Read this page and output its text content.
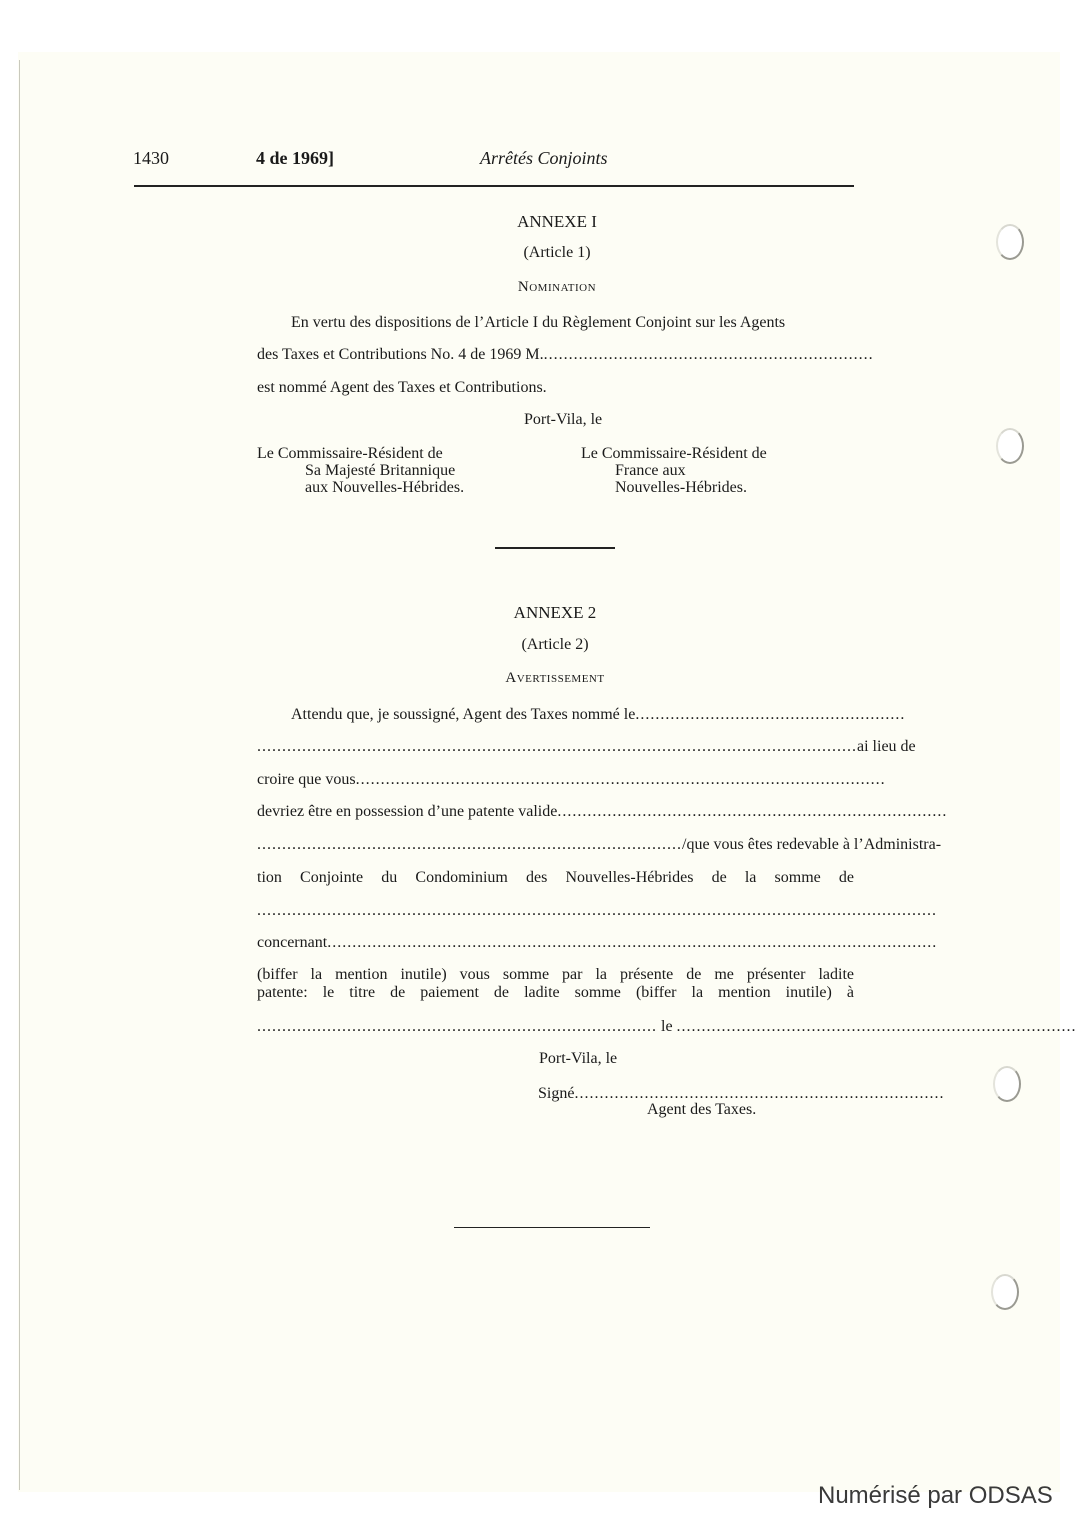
1430	4 de 1969]	Arrêtés Conjoints
ANNEXE I
(Article 1)
Nomination
En vertu des dispositions de l’Article I du Règlement Conjoint sur les Agents
des Taxes et Contributions No. 4 de 1969 M. ..................................................................
est nommé Agent des Taxes et Contributions.
Port-Vila, le
Le Commissaire-Résident de
Sa Majesté Britannique
aux Nouvelles-Hébrides.
Le Commissaire-Résident de
France aux
Nouvelles-Hébrides.
ANNEXE 2
(Article 2)
Avertissement
Attendu que, je soussigné, Agent des Taxes nommé le ......................................................
........................................................................................................................ ai lieu de
croire que vous ..........................................................................................................
devriez être en possession d’une patente valide ..............................................................................
..................................................................................... /que vous êtes redevable à l’Administra-
tion Conjointe du Condominium des Nouvelles-Hébrides de la somme de
........................................................................................................................................
concernant ..........................................................................................................................
(biffer la mention inutile) vous somme par la présente de me présenter ladite
patente: le titre de paiement de ladite somme (biffer la mention inutile) à
................................................................................ le ................................................................................
Port-Vila, le
Signé ..........................................................................
Agent des Taxes.
Numérisé par ODSAS
